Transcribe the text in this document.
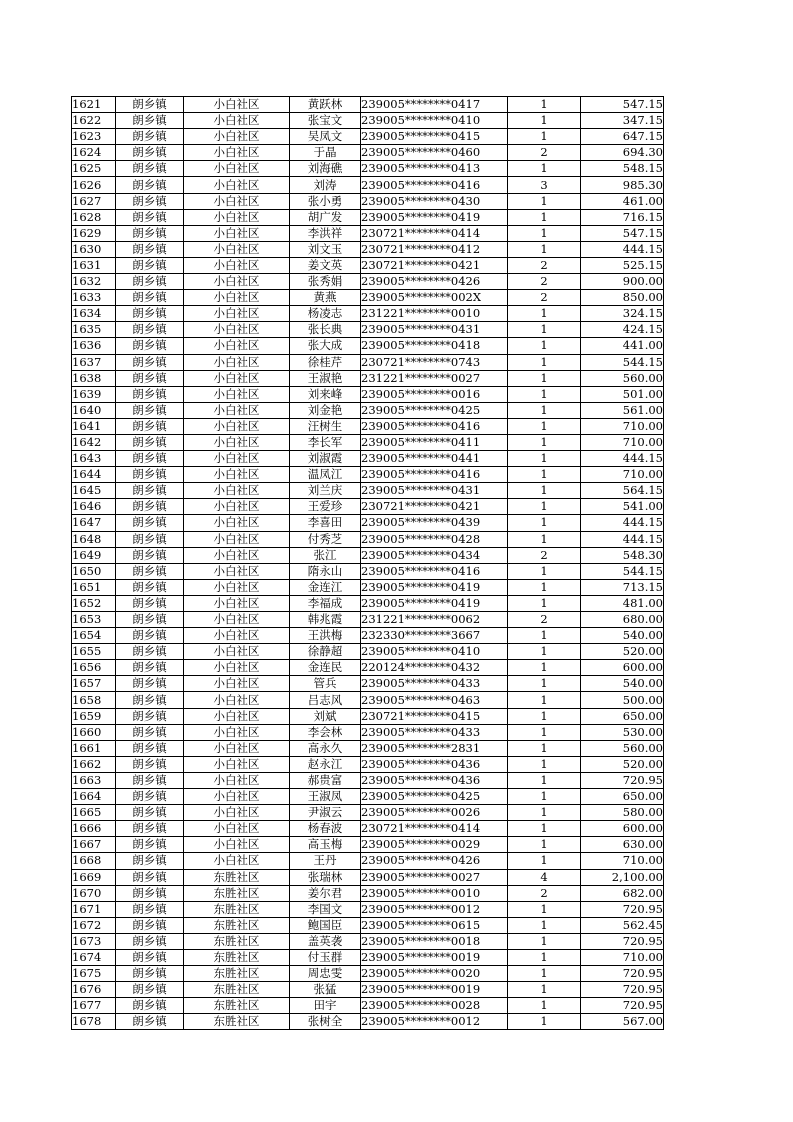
1621	朗乡镇	小白社区	黄跃林	239005********0417	1	547.15
1622	朗乡镇	小白社区	张宝文	239005********0410	1	347.15
1623	朗乡镇	小白社区	吴凤文	239005********0415	1	647.15
1624	朗乡镇	小白社区	于晶	239005********0460	2	694.30
1625	朗乡镇	小白社区	刘海礁	239005********0413	1	548.15
1626	朗乡镇	小白社区	刘涛	239005********0416	3	985.30
1627	朗乡镇	小白社区	张小勇	239005********0430	1	461.00
1628	朗乡镇	小白社区	胡广发	239005********0419	1	716.15
1629	朗乡镇	小白社区	李洪祥	230721********0414	1	547.15
1630	朗乡镇	小白社区	刘文玉	230721********0412	1	444.15
1631	朗乡镇	小白社区	姜文英	230721********0421	2	525.15
1632	朗乡镇	小白社区	张秀娟	239005********0426	2	900.00
1633	朗乡镇	小白社区	黄燕	239005********002X	2	850.00
1634	朗乡镇	小白社区	杨凌志	231221********0010	1	324.15
1635	朗乡镇	小白社区	张长典	239005********0431	1	424.15
1636	朗乡镇	小白社区	张大成	239005********0418	1	441.00
1637	朗乡镇	小白社区	徐桂芹	230721********0743	1	544.15
1638	朗乡镇	小白社区	王淑艳	231221********0027	1	560.00
1639	朗乡镇	小白社区	刘来峰	239005********0016	1	501.00
1640	朗乡镇	小白社区	刘金艳	239005********0425	1	561.00
1641	朗乡镇	小白社区	汪树生	239005********0416	1	710.00
1642	朗乡镇	小白社区	李长军	239005********0411	1	710.00
1643	朗乡镇	小白社区	刘淑霞	239005********0441	1	444.15
1644	朗乡镇	小白社区	温凤江	239005********0416	1	710.00
1645	朗乡镇	小白社区	刘兰庆	239005********0431	1	564.15
1646	朗乡镇	小白社区	王爱珍	230721********0421	1	541.00
1647	朗乡镇	小白社区	李喜田	239005********0439	1	444.15
1648	朗乡镇	小白社区	付秀芝	239005********0428	1	444.15
1649	朗乡镇	小白社区	张江	239005********0434	2	548.30
1650	朗乡镇	小白社区	隋永山	239005********0416	1	544.15
1651	朗乡镇	小白社区	金连江	239005********0419	1	713.15
1652	朗乡镇	小白社区	李福成	239005********0419	1	481.00
1653	朗乡镇	小白社区	韩兆霞	231221********0062	2	680.00
1654	朗乡镇	小白社区	王洪梅	232330********3667	1	540.00
1655	朗乡镇	小白社区	徐静超	239005********0410	1	520.00
1656	朗乡镇	小白社区	金连民	220124********0432	1	600.00
1657	朗乡镇	小白社区	管兵	239005********0433	1	540.00
1658	朗乡镇	小白社区	吕志风	239005********0463	1	500.00
1659	朗乡镇	小白社区	刘斌	230721********0415	1	650.00
1660	朗乡镇	小白社区	李会林	239005********0433	1	530.00
1661	朗乡镇	小白社区	高永久	239005********2831	1	560.00
1662	朗乡镇	小白社区	赵永江	239005********0436	1	520.00
1663	朗乡镇	小白社区	郝贵富	239005********0436	1	720.95
1664	朗乡镇	小白社区	王淑凤	239005********0425	1	650.00
1665	朗乡镇	小白社区	尹淑云	239005********0026	1	580.00
1666	朗乡镇	小白社区	杨春波	230721********0414	1	600.00
1667	朗乡镇	小白社区	高玉梅	239005********0029	1	630.00
1668	朗乡镇	小白社区	王丹	239005********0426	1	710.00
1669	朗乡镇	东胜社区	张瑞林	239005********0027	4	2,100.00
1670	朗乡镇	东胜社区	姜尔君	239005********0010	2	682.00
1671	朗乡镇	东胜社区	李国文	239005********0012	1	720.95
1672	朗乡镇	东胜社区	鲍国臣	239005********0615	1	562.45
1673	朗乡镇	东胜社区	盖英袭	239005********0018	1	720.95
1674	朗乡镇	东胜社区	付玉群	239005********0019	1	710.00
1675	朗乡镇	东胜社区	周忠雯	239005********0020	1	720.95
1676	朗乡镇	东胜社区	张猛	239005********0019	1	720.95
1677	朗乡镇	东胜社区	田宇	239005********0028	1	720.95
1678	朗乡镇	东胜社区	张树全	239005********0012	1	567.00
